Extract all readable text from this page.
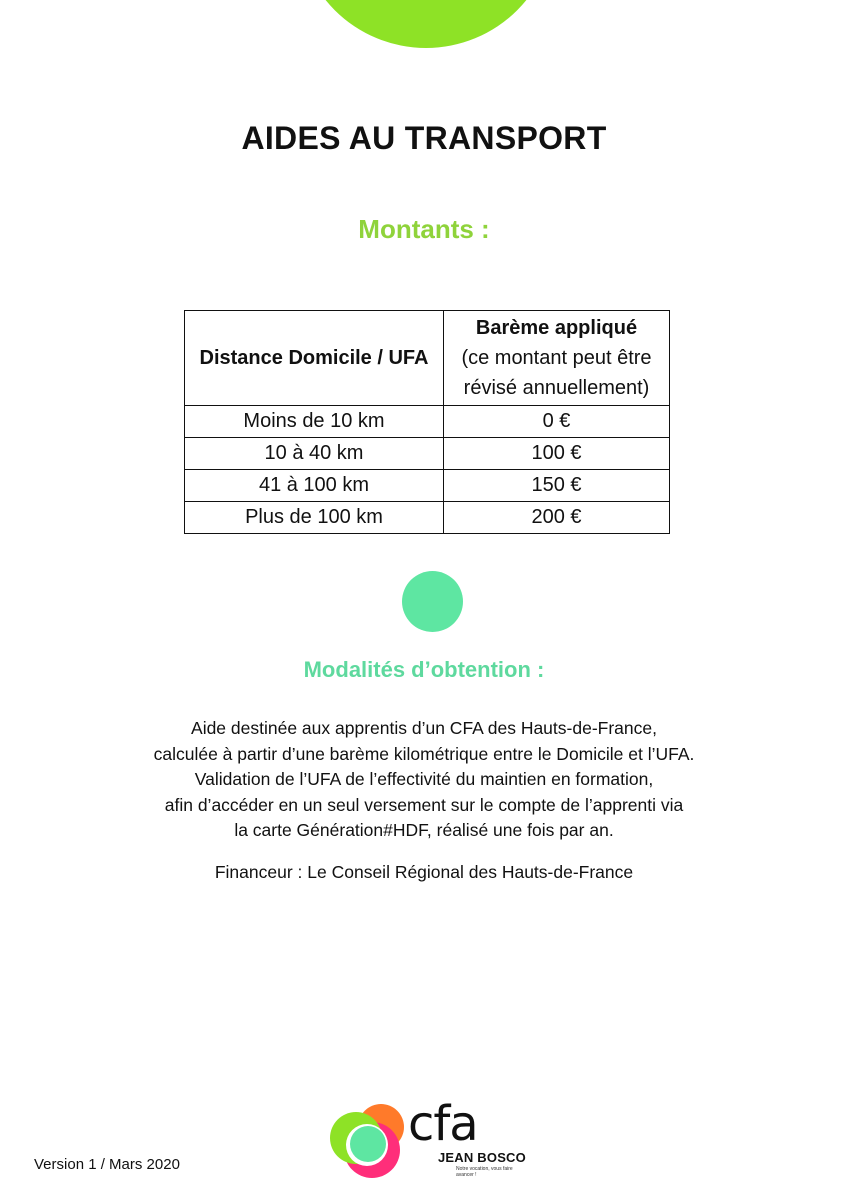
AIDES AU TRANSPORT
Montants :
Distance Domicile / UFA	Barème appliqué
(ce montant peut être
révisé annuellement)

Moins de 10 km	0 €
10 à 40 km	100 €
41 à 100 km	150 €
Plus de 100 km	200 €
Modalités d’obtention :
Aide destinée aux apprentis d’un CFA des Hauts-de-France,
calculée à partir d’une barème kilométrique entre le Domicile et l’UFA.
Validation de l’UFA de l’effectivité du maintien en formation,
afin d’accéder en un seul versement sur le compte de l’apprenti via
la carte Génération#HDF, réalisé une fois par an.
Financeur : Le Conseil Régional des Hauts-de-France
Version 1 / Mars 2020
cfa
JEAN BOSCO
Notre vocation, vous faire avancer !
